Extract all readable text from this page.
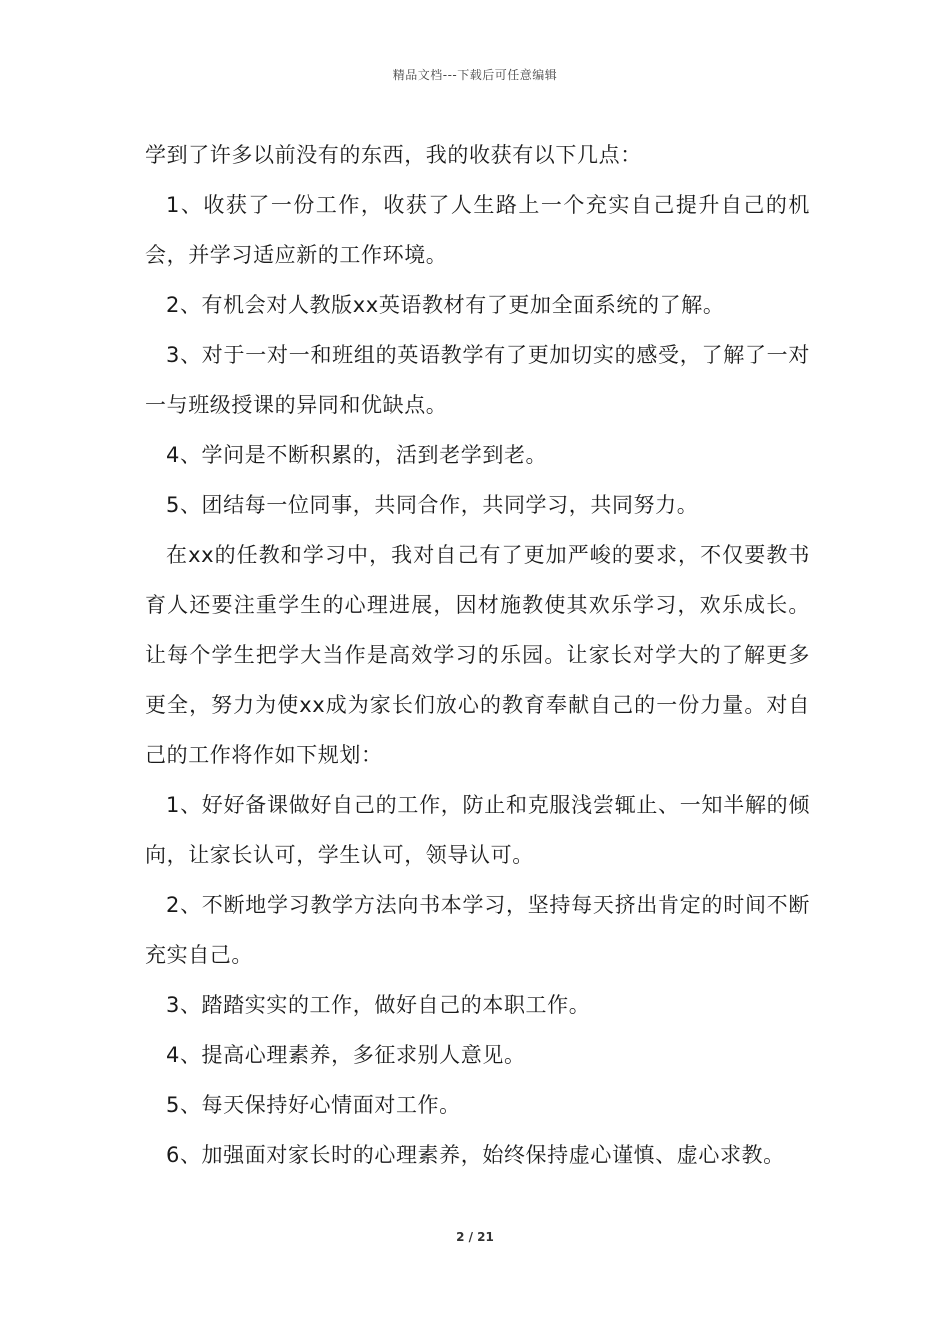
精品文档---下载后可任意编辑

学到了许多以前没有的东西，我的收获有以下几点：

1、收获了一份工作，收获了人生路上一个充实自己提升自己的机会，并学习适应新的工作环境。

2、有机会对人教版xx英语教材有了更加全面系统的了解。

3、对于一对一和班组的英语教学有了更加切实的感受，了解了一对一与班级授课的异同和优缺点。

4、学问是不断积累的，活到老学到老。

5、团结每一位同事，共同合作，共同学习，共同努力。

在xx的任教和学习中，我对自己有了更加严峻的要求，不仅要教书育人还要注重学生的心理进展，因材施教使其欢乐学习，欢乐成长。让每个学生把学大当作是高效学习的乐园。让家长对学大的了解更多更全，努力为使xx成为家长们放心的教育奉献自己的一份力量。对自己的工作将作如下规划：

1、好好备课做好自己的工作，防止和克服浅尝辄止、一知半解的倾向，让家长认可，学生认可，领导认可。

2、不断地学习教学方法向书本学习，坚持每天挤出肯定的时间不断充实自己。

3、踏踏实实的工作，做好自己的本职工作。

4、提高心理素养，多征求别人意见。

5、每天保持好心情面对工作。

6、加强面对家长时的心理素养，始终保持虚心谨慎、虚心求教。

2 / 21
